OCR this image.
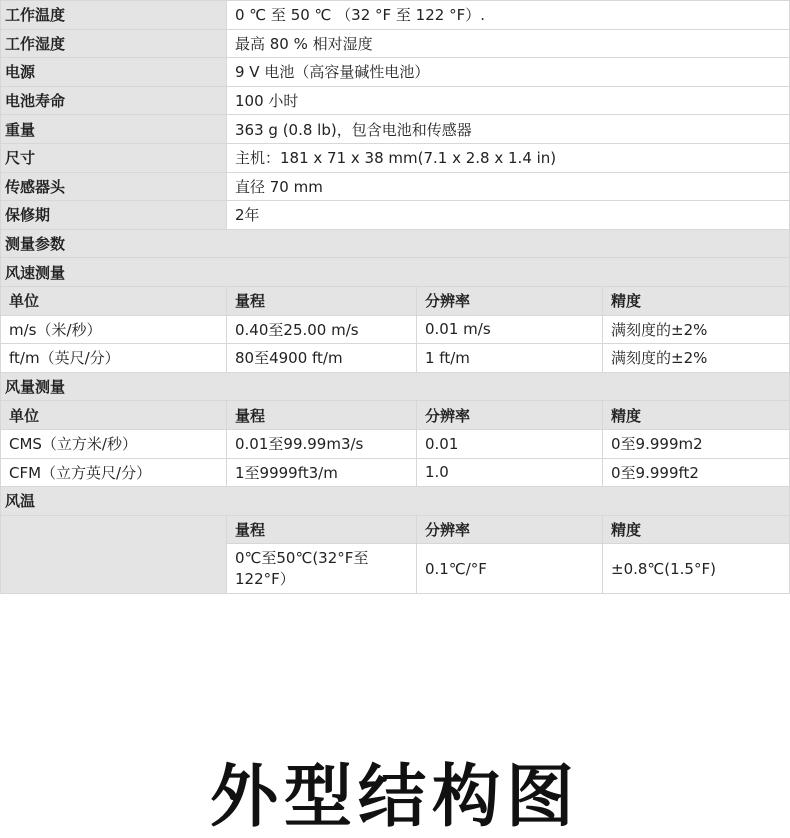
工作温度	0 ℃ 至 50 ℃ （32 °F 至 122 °F）.		
工作湿度	最高 80 % 相对湿度		
电源	9 V 电池（高容量碱性电池）		
电池寿命	100 小时		
重量	363 g (0.8 lb)，包含电池和传感器		
尺寸	主机：181 x 71 x 38 mm(7.1 x 2.8 x 1.4 in)		
传感器头	直径 70 mm		
保修期	2年		
测量参数			
风速测量			
单位	量程	分辨率	精度
m/s（米/秒）	0.40至25.00 m/s	0.01 m/s	满刻度的±2%
ft/m（英尺/分）	80至4900 ft/m	1 ft/m	满刻度的±2%
风量测量			
单位	量程	分辨率	精度
CMS（立方米/秒）	0.01至99.99m3/s	0.01	0至9.999m2
CFM（立方英尺/分）	1至9999ft3/m	1.0	0至9.999ft2
风温			
	量程	分辨率	精度
	0℃至50℃(32°F至122°F）	0.1℃/°F	±0.8℃(1.5°F)
外型结构图
